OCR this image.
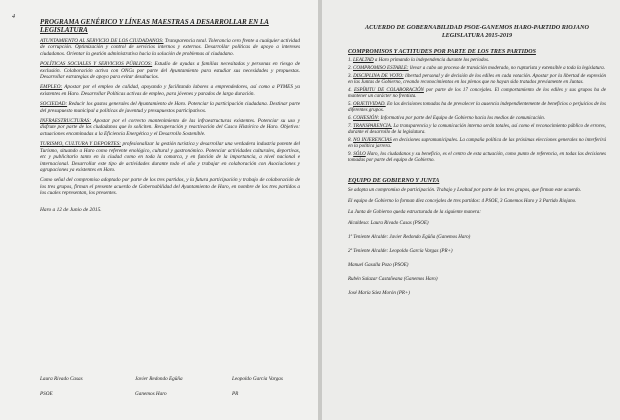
4
PROGRAMA GENÉRICO Y LÍNEAS MAESTRAS A DESARROLLAR EN LA LEGISLATURA

ATUNTAMIENTO AL SERVICIO DE LOS CIUDADANOS: Transparencia total. Tolerancia cero frente a cualquier actividad de corrupción. Optimización y control de servicios internos y externos. Desarrollar políticas de apoyo a intereses ciudadanos. Orientar la gestión administrativa hacia la solución de problemas al ciudadano.

POLÍTICAS SOCIALES Y SERVICIOS PÚBLICOS: Estudio de ayudas a familias necesitadas y personas en riesgo de exclusión. Colaboración activa con ONGs por parte del Ayuntamiento para estudiar sus necesidades y propuestas. Desarrollar estrategias de apoyo para evitar desahucios.

EMPLEO: Apostar por el empleo de calidad, apoyando y facilitando labores a emprendedores, así como a PYMES ya existentes en Haro. Desarrollar Políticas activas de empleo, para jóvenes y parados de largo duración.

SOCIEDAD: Reducir los gastos generales del Ayuntamiento de Haro. Potenciar la participación ciudadana. Destinar parte del presupuesto municipal a políticas de juventud y presupuestos participativos.

INFRAESTRUCTURAS: Apostar por el correcto mantenimiento de las infraestructuras existentes. Potenciar su uso y disfrute por parte de los ciudadanos que lo soliciten. Recuperación y reactivación del Casco Histórico de Haro. Objetivo: actuaciones encaminadas a la Eficiencia Energética y el Desarrollo Sostenible.

TURISMO, CULTURA Y DEPORTES: profesionalizar la gestión turística y desarrollar una verdadera industria potente del Turismo, situando a Haro como referente enológico, cultural y gastronómico. Potenciar actividades culturales, deportivas, etc y publicitarlo tanto en la ciudad como en toda la comarca, y en función de la importancia, a nivel nacional e internacional. Desarrollar este tipo de actividades durante todo el año y trabajar en colaboración con Asociaciones y agrupaciones ya existentes en Haro.

Como señal del compromiso adoptado por parte de los tres partidos, y la futura participación y trabajo de colaboración de los tres grupos, firman el presente acuerdo de Gobernabilidad del Ayuntamiento de Haro, en nombre de los tres partidos a los cuales representan, los presentes.

Haro a 12 de Junio de 2015.

Laura Rivado Casas
PSOE
Javier Redondo Egüña
Ganemos Haro
Leopoldo García Vargas
PR
ACUERDO DE GOBERNABILIDAD PSOE-GANEMOS HARO-PARTIDO RIOJANO LEGISLATURA 2015-2019
COMPROMISOS Y ACTITUDES POR PARTE DE LOS TRES PARTIDOS
1. LEALTAD a Haro primando la independencia durante los periodos.
2. COMPROMISO ESTABLE: llevar a cabo un proceso de transición moderado, no rupturista y extensible a toda la legislatura.
3. DISCIPLINA DE VOTO: libertad personal y de decisión de los ediles en cada votación. Apostar por la libertad de expresión en las Juntas de Gobierno, creando reconocimientos en los plenos que no hayan sido tratados previamente en Juntas.
4. ESPÍRITU DE COLABORACIÓN por parte de los 17 concejales. El comportamiento de los ediles y sus grupos ha de mantener un carácter no frentista.
5. OBJETIVIDAD. En las decisiones tomadas ha de prevalecer la ausencia independientemente de beneficios o perjuicios de los diferentes grupos.
6. COHESIÓN: Informativa por parte del Equipo de Gobierno hacia los medios de comunicación.
7. TRANSPARENCIA. La transparencia y la comunicación interna serán totales, así como el reconocimiento público de errores, durante el desarrollo de la legislatura.
8. NO INJERENCIAS en decisiones supramunicipales. La campaña política de las próximas elecciones generales no interferirá en la política jarrera.
9. SÓLO Haro, los ciudadanos y su beneficio, es el centro de esta actuación, como punto de referencia, en todas las decisiones tomadas por parte del equipo de Gobierno.
EQUIPO DE GOBIERNO Y JUNTA

Se adopta un compromiso de participación. Trabajo y Lealtad por parte de los tres grupos, que firman este acuerdo.

El equipo de Gobierno lo forman diez concejales de tres partidos: 4 PSOE, 3 Ganemos Haro y 3 Partido Riojano.

La Junta de Gobierno queda estructurada de la siguiente manera:

Alcaldesa: Laura Rivado Casas (PSOE)

1º Teniente Alcalde: Javier Redondo Egüña (Ganemos Haro)

2º Teniente Alcalde: Leopoldo García Vargas (PR+)

Manuel Gasalla Pozo (PSOE)

Rubén Salazar Castañeana (Ganemos Haro)

José María Sáez Morón (PR+)
